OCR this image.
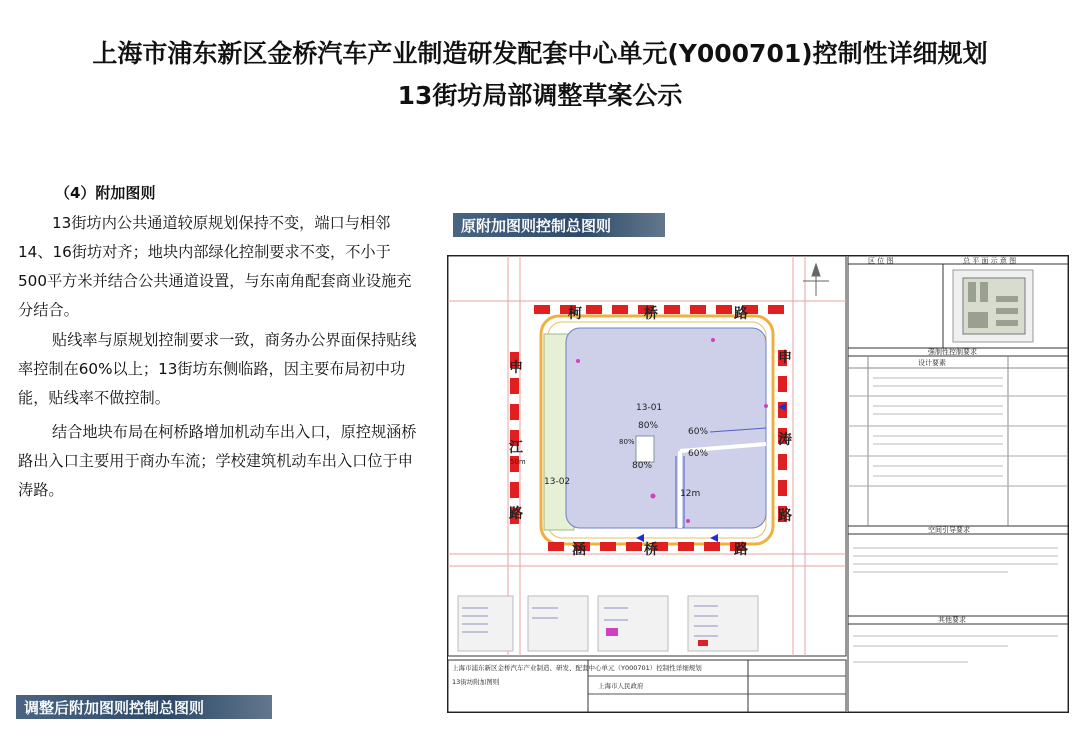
上海市浦东新区金桥汽车产业制造研发配套中心单元(Y000701)控制性详细规划
13街坊局部调整草案公示
（4）附加图则
13街坊内公共通道较原规划保持不变，端口与相邻14、16街坊对齐；地块内部绿化控制要求不变，不小于500平方米并结合公共通道设置，与东南角配套商业设施充分结合。
贴线率与原规划控制要求一致，商务办公界面保持贴线率控制在60%以上；13街坊东侧临路，因主要布局初中功能，贴线率不做控制。
结合地块布局在柯桥路增加机动车出入口，原控规涵桥路出入口主要用于商办车流；学校建筑机动车出入口位于申涛路。
原附加图则控制总图则
柯	桥	路
涵	桥	路
申
涛
路
申
江
路
13-01
13-02
80%
60%
80%
60%
80%
12m
50m
上海市浦东新区金桥汽车产业制造、研发、配套中心单元（Y000701）控制性详细规划
13街坊附加图则	上海市人民政府
区 位 图	总 平 面 示 意 图
强制性控制要求
设计要素
空间引导要求
其他要求
调整后附加图则控制总图则
